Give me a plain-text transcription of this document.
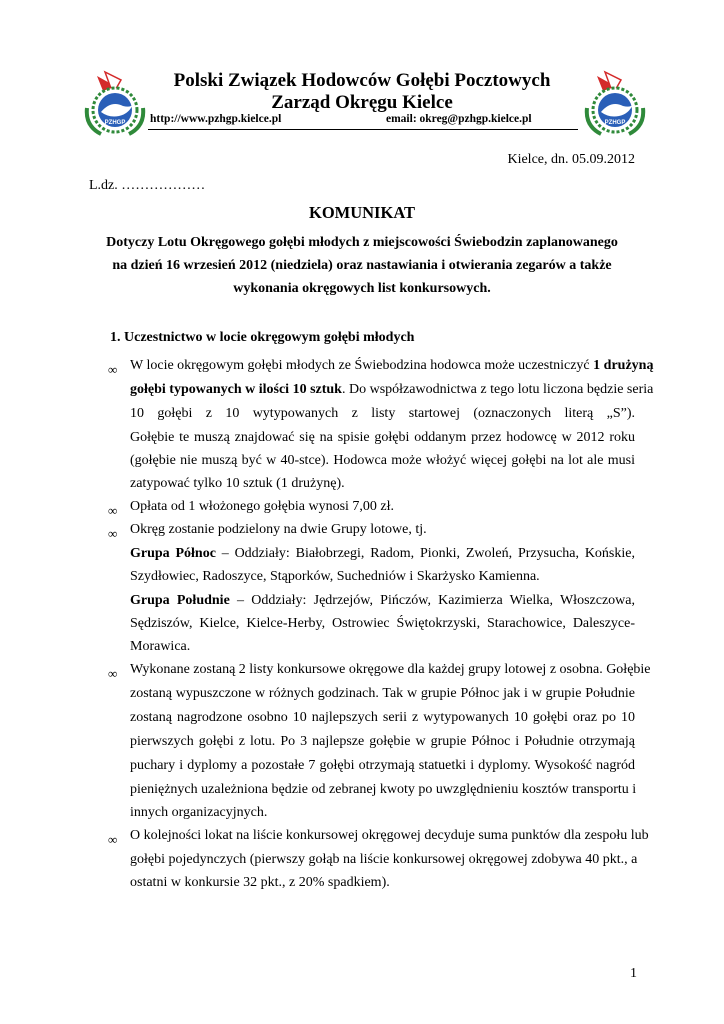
PZHGP	PZHGP
Polski Związek Hodowców Gołębi Pocztowych
Zarząd Okręgu Kielce
http://www.pzhgp.kielce.pl	email: okreg@pzhgp.kielce.pl
Kielce, dn. 05.09.2012
L.dz. ………………
KOMUNIKAT
Dotyczy Lotu Okręgowego gołębi młodych z miejscowości Świebodzin zaplanowanego
na dzień 16 wrzesień 2012 (niedziela) oraz nastawiania i otwierania zegarów a także
wykonania okręgowych list konkursowych.
1. Uczestnictwo w locie okręgowym gołębi młodych
∞ W locie okręgowym gołębi młodych ze Świebodzina hodowca może uczestniczyć 1 drużyną
gołębi typowanych w ilości 10 sztuk. Do współzawodnictwa z tego lotu liczona będzie seria
10 gołębi z 10 wytypowanych z listy startowej (oznaczonych literą „S”).
Gołębie te muszą znajdować się na spisie gołębi oddanym przez hodowcę w 2012 roku
(gołębie nie muszą być w 40-stce). Hodowca może włożyć więcej gołębi na lot ale musi
zatypować tylko 10 sztuk (1 drużynę).
∞ Opłata od 1 włożonego gołębia wynosi 7,00 zł.
∞ Okręg zostanie podzielony na dwie Grupy lotowe, tj.
Grupa Północ – Oddziały: Białobrzegi, Radom, Pionki, Zwoleń, Przysucha, Końskie,
Szydłowiec, Radoszyce, Stąporków, Suchedniów i Skarżysko Kamienna.
Grupa Południe – Oddziały: Jędrzejów, Pińczów, Kazimierza Wielka, Włoszczowa,
Sędziszów, Kielce, Kielce-Herby, Ostrowiec Świętokrzyski, Starachowice, Daleszyce-
Morawica.
∞ Wykonane zostaną 2 listy konkursowe okręgowe dla każdej grupy lotowej z osobna. Gołębie
zostaną wypuszczone w różnych godzinach. Tak w grupie Północ jak i w grupie Południe
zostaną nagrodzone osobno 10 najlepszych serii z wytypowanych 10 gołębi oraz po 10
pierwszych gołębi z lotu. Po 3 najlepsze gołębie w grupie Północ i Południe otrzymają
puchary i dyplomy a pozostałe 7 gołębi otrzymają statuetki i dyplomy. Wysokość nagród
pieniężnych uzależniona będzie od zebranej kwoty po uwzględnieniu kosztów transportu i
innych organizacyjnych.
∞ O kolejności lokat na liście konkursowej okręgowej decyduje suma punktów dla zespołu lub
gołębi pojedynczych (pierwszy gołąb na liście konkursowej okręgowej zdobywa 40 pkt., a
ostatni w konkursie 32 pkt., z 20% spadkiem).
1
